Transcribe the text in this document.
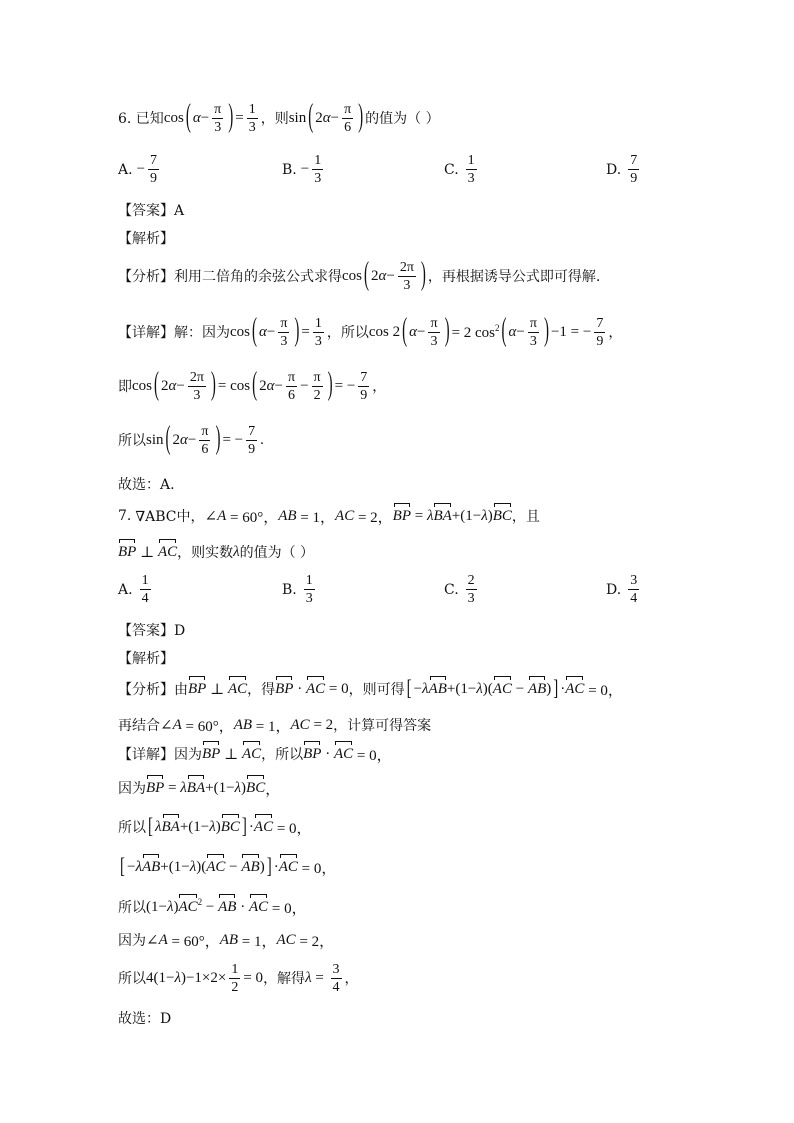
6. 已知 cos ( $\alpha - \frac{\pi}{3}$ ) = $\frac{1}{3}$ ，则 sin ( 2 $\alpha - \frac{\pi}{6}$ ) 的值为（ ）
A. − $\frac{7}{9}$	B. − $\frac{1}{3}$	C. $\frac{1}{3}$	D. $\frac{7}{9}$
【答案】A
【解析】
【分析】利用二倍角的余弦公式求得 cos ( 2 $\alpha - \frac{2\pi}{3}$ ) ，再根据诱导公式即可得解.
【详解】解：因为 cos ( $\alpha - \frac{\pi}{3}$ ) = $\frac{1}{3}$ ，所以 cos 2 ( $\alpha - \frac{\pi}{3}$ ) = 2 $\cos^2$ ( $\alpha - \frac{\pi}{3}$ ) −1 = − $\frac{7}{9}$ ，
即 cos ( 2 $\alpha - \frac{2\pi}{3}$ ) = cos ( 2 $\alpha - \frac{\pi}{6} - \frac{\pi}{2}$ ) = − $\frac{7}{9}$ ，
所以 sin ( 2 $\alpha - \frac{\pi}{6}$ ) = − $\frac{7}{9}$ .
故选：A.
7. ∇ABC中， ∠ A = 60°， AB = 1， AC = 2， BP = λ BA +(1− λ ) BC ，且
BP ⊥ AC ，则实数 λ 的值为（ ）
A. $\frac{1}{4}$	B. $\frac{1}{3}$	C. $\frac{2}{3}$	D. $\frac{3}{4}$
【答案】D
【解析】
【分析】由 BP ⊥ AC ，得 BP · AC = 0 ，则可得 [ − λ AB +(1− λ )( AC − AB ) ] · AC = 0，
再结合 ∠ A = 60°， AB = 1， AC = 2 ，计算可得答案
【详解】因为 BP ⊥ AC ，所以 BP · AC = 0，
因为 BP = λ BA +(1− λ ) BC ，
所以 [ λ BA +(1− λ ) BC ] · AC = 0，
[ − λ AB +(1− λ )( AC − AB ) ] · AC = 0，
所以 (1− λ ) $AC^2$ − AB · AC = 0，
因为 ∠ A = 60°， AB = 1， AC = 2，
所以 4(1− λ )$-1\times 2\times \frac{1}{2} = 0$ ，解得 $\lambda = \frac{3}{4}$ ，
故选：D
